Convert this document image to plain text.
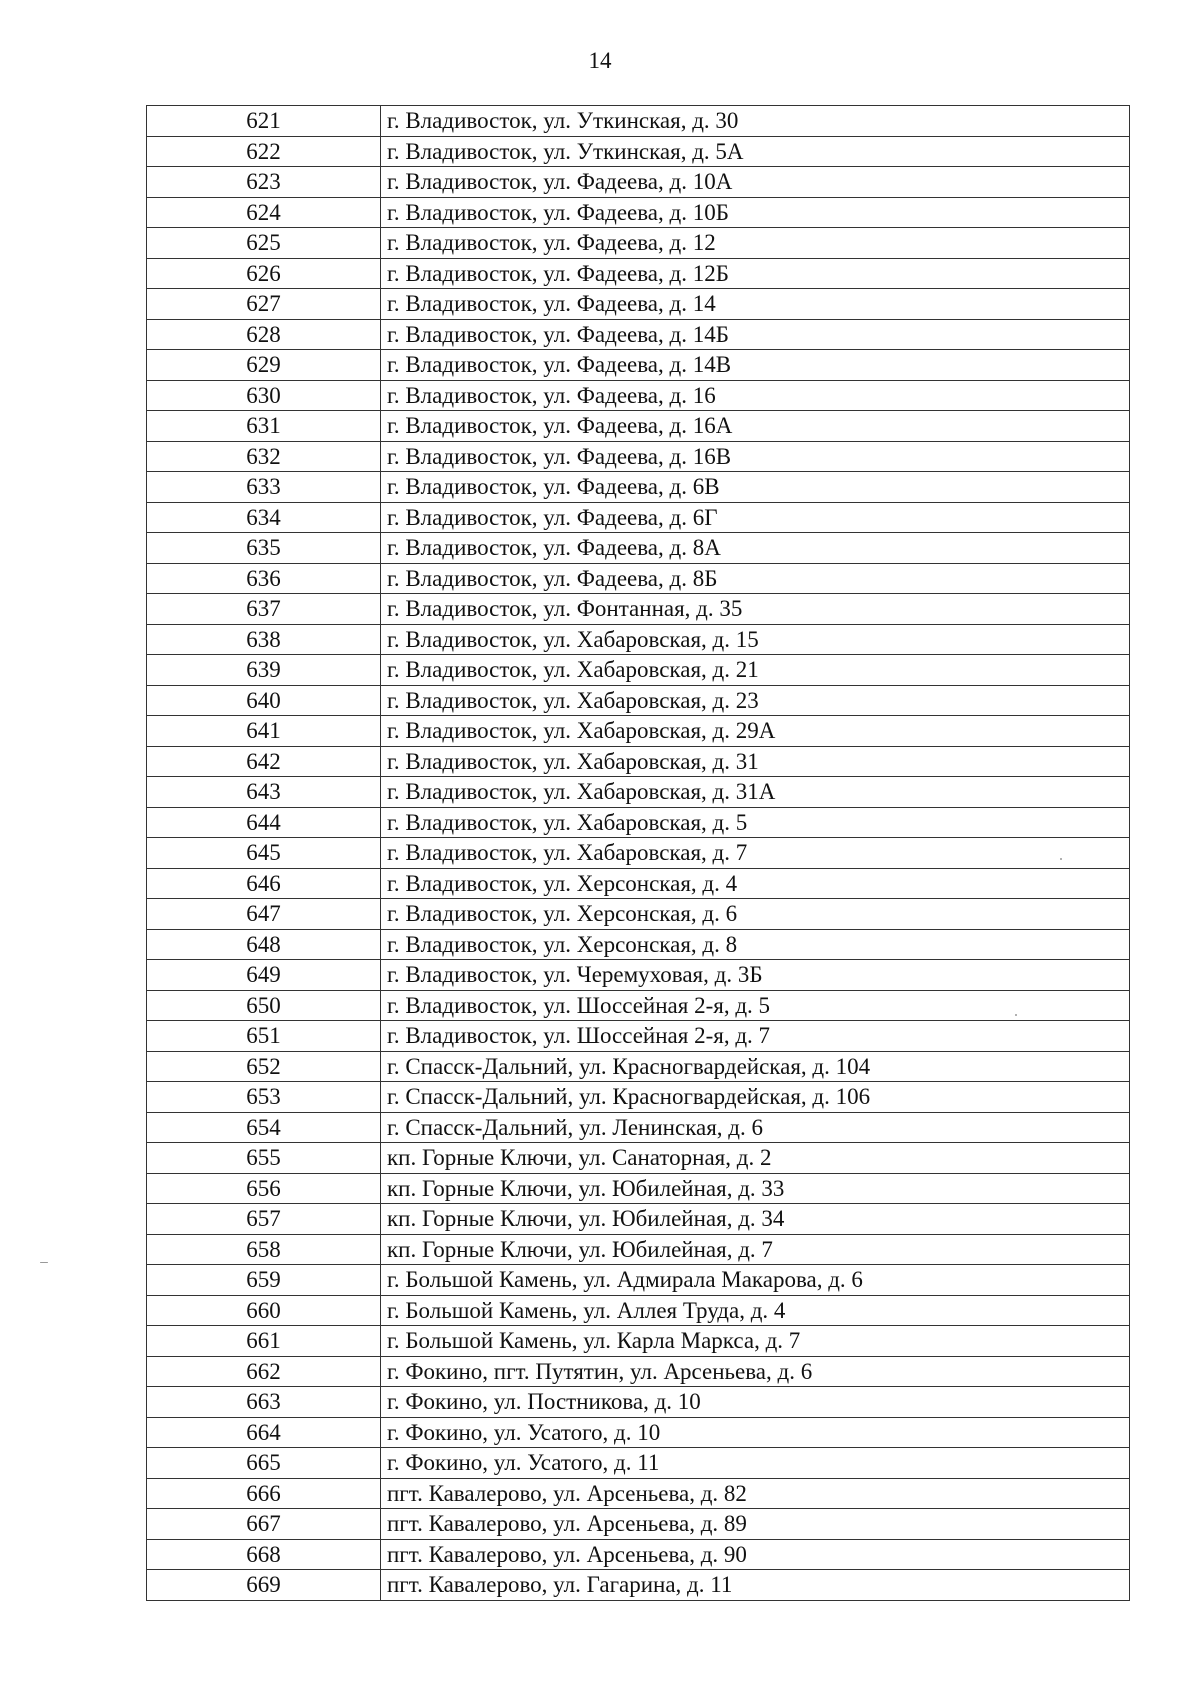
14
621	г. Владивосток, ул. Уткинская, д. 30
622	г. Владивосток, ул. Уткинская, д. 5А
623	г. Владивосток, ул. Фадеева, д. 10А
624	г. Владивосток, ул. Фадеева, д. 10Б
625	г. Владивосток, ул. Фадеева, д. 12
626	г. Владивосток, ул. Фадеева, д. 12Б
627	г. Владивосток, ул. Фадеева, д. 14
628	г. Владивосток, ул. Фадеева, д. 14Б
629	г. Владивосток, ул. Фадеева, д. 14В
630	г. Владивосток, ул. Фадеева, д. 16
631	г. Владивосток, ул. Фадеева, д. 16А
632	г. Владивосток, ул. Фадеева, д. 16В
633	г. Владивосток, ул. Фадеева, д. 6В
634	г. Владивосток, ул. Фадеева, д. 6Г
635	г. Владивосток, ул. Фадеева, д. 8А
636	г. Владивосток, ул. Фадеева, д. 8Б
637	г. Владивосток, ул. Фонтанная, д. 35
638	г. Владивосток, ул. Хабаровская, д. 15
639	г. Владивосток, ул. Хабаровская, д. 21
640	г. Владивосток, ул. Хабаровская, д. 23
641	г. Владивосток, ул. Хабаровская, д. 29А
642	г. Владивосток, ул. Хабаровская, д. 31
643	г. Владивосток, ул. Хабаровская, д. 31А
644	г. Владивосток, ул. Хабаровская, д. 5
645	г. Владивосток, ул. Хабаровская, д. 7
646	г. Владивосток, ул. Херсонская, д. 4
647	г. Владивосток, ул. Херсонская, д. 6
648	г. Владивосток, ул. Херсонская, д. 8
649	г. Владивосток, ул. Черемуховая, д. 3Б
650	г. Владивосток, ул. Шоссейная 2-я, д. 5
651	г. Владивосток, ул. Шоссейная 2-я, д. 7
652	г. Спасск-Дальний, ул. Красногвардейская, д. 104
653	г. Спасск-Дальний, ул. Красногвардейская, д. 106
654	г. Спасск-Дальний, ул. Ленинская, д. 6
655	кп. Горные Ключи, ул. Санаторная, д. 2
656	кп. Горные Ключи, ул. Юбилейная, д. 33
657	кп. Горные Ключи, ул. Юбилейная, д. 34
658	кп. Горные Ключи, ул. Юбилейная, д. 7
659	г. Большой Камень, ул. Адмирала Макарова, д. 6
660	г. Большой Камень, ул. Аллея Труда, д. 4
661	г. Большой Камень, ул. Карла Маркса, д. 7
662	г. Фокино, пгт. Путятин, ул. Арсеньева, д. 6
663	г. Фокино, ул. Постникова, д. 10
664	г. Фокино, ул. Усатого, д. 10
665	г. Фокино, ул. Усатого, д. 11
666	пгт. Кавалерово, ул. Арсеньева, д. 82
667	пгт. Кавалерово, ул. Арсеньева, д. 89
668	пгт. Кавалерово, ул. Арсеньева, д. 90
669	пгт. Кавалерово, ул. Гагарина, д. 11
